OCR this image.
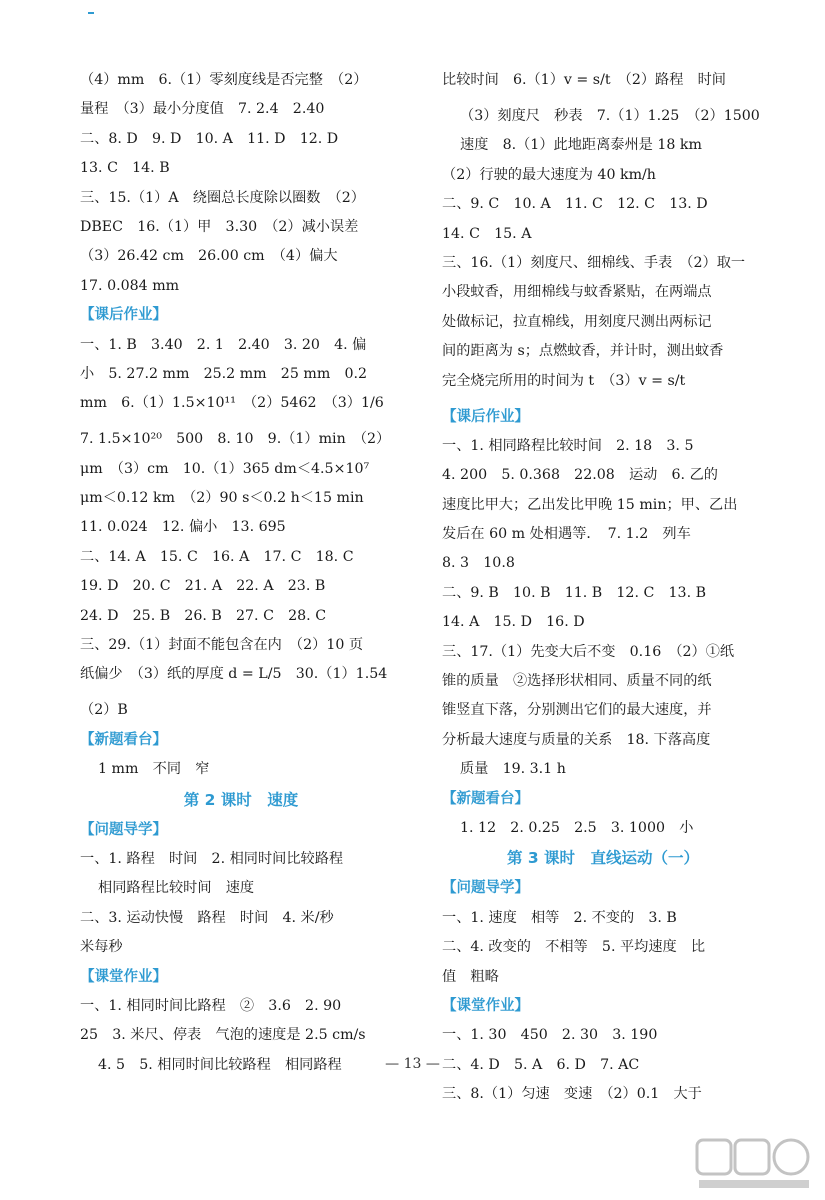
（4）mm　6.（1）零刻度线是否完整　（2）
量程　（3）最小分度值　7. 2.4　2.40
二、8. D　9. D　10. A　11. D　12. D
13. C　14. B
三、15.（1）A　绕圈总长度除以圈数　（2）
DBEC　16.（1）甲　3.30　（2）减小误差
（3）26.42 cm　26.00 cm　（4）偏大
17. 0.084 mm
【课后作业】
一、1. B　3.40　2. 1　2.40　3. 20　4. 偏
小　5. 27.2 mm　25.2 mm　25 mm　0.2
mm　6.（1）1.5×10¹¹　（2）5462　（3）1/6
7. 1.5×10²⁰　500　8. 10　9.（1）min　（2）
μm　（3）cm　10.（1）365 dm＜4.5×10⁷
μm＜0.12 km　（2）90 s＜0.2 h＜15 min
11. 0.024　12. 偏小　13. 695
二、14. A　15. C　16. A　17. C　18. C
19. D　20. C　21. A　22. A　23. B
24. D　25. B　26. B　27. C　28. C
三、29.（1）封面不能包含在内　（2）10 页
纸偏少　（3）纸的厚度 d = L/5　30.（1）1.54
（2）B
【新题看台】
1 mm　不同　窄
第 2 课时　速度
【问题导学】
一、1. 路程　时间　2. 相同时间比较路程
相同路程比较时间　速度
二、3. 运动快慢　路程　时间　4. 米/秒
米每秒
【课堂作业】
一、1. 相同时间比路程　②　3.6　2. 90
25　3. 米尺、停表　气泡的速度是 2.5 cm/s
4. 5　5. 相同时间比较路程　相同路程
比较时间　6.（1）v = s/t　（2）路程　时间
（3）刻度尺　秒表　7.（1）1.25　（2）1500
速度　8.（1）此地距离泰州是 18 km
（2）行驶的最大速度为 40 km/h
二、9. C　10. A　11. C　12. C　13. D
14. C　15. A
三、16.（1）刻度尺、细棉线、手表　（2）取一
小段蚊香，用细棉线与蚊香紧贴，在两端点
处做标记，拉直棉线，用刻度尺测出两标记
间的距离为 s；点燃蚊香，并计时，测出蚊香
完全烧完所用的时间为 t　（3）v = s/t
【课后作业】
一、1. 相同路程比较时间　2. 18　3. 5
4. 200　5. 0.368　22.08　运动　6. 乙的
速度比甲大；乙出发比甲晚 15 min；甲、乙出
发后在 60 m 处相遇等．　7. 1.2　列车
8. 3　10.8
二、9. B　10. B　11. B　12. C　13. B
14. A　15. D　16. D
三、17.（1）先变大后不变　0.16　（2）①纸
锥的质量　②选择形状相同、质量不同的纸
锥竖直下落，分别测出它们的最大速度，并
分析最大速度与质量的关系　18. 下落高度
质量　19. 3.1 h
【新题看台】
1. 12　2. 0.25　2.5　3. 1000　小
第 3 课时　直线运动（一）
【问题导学】
一、1. 速度　相等　2. 不变的　3. B
二、4. 改变的　不相等　5. 平均速度　比
值　粗略
【课堂作业】
一、1. 30　450　2. 30　3. 190
二、4. D　5. A　6. D　7. AC
三、8.（1）匀速　变速　（2）0.1　大于
— 13 —
